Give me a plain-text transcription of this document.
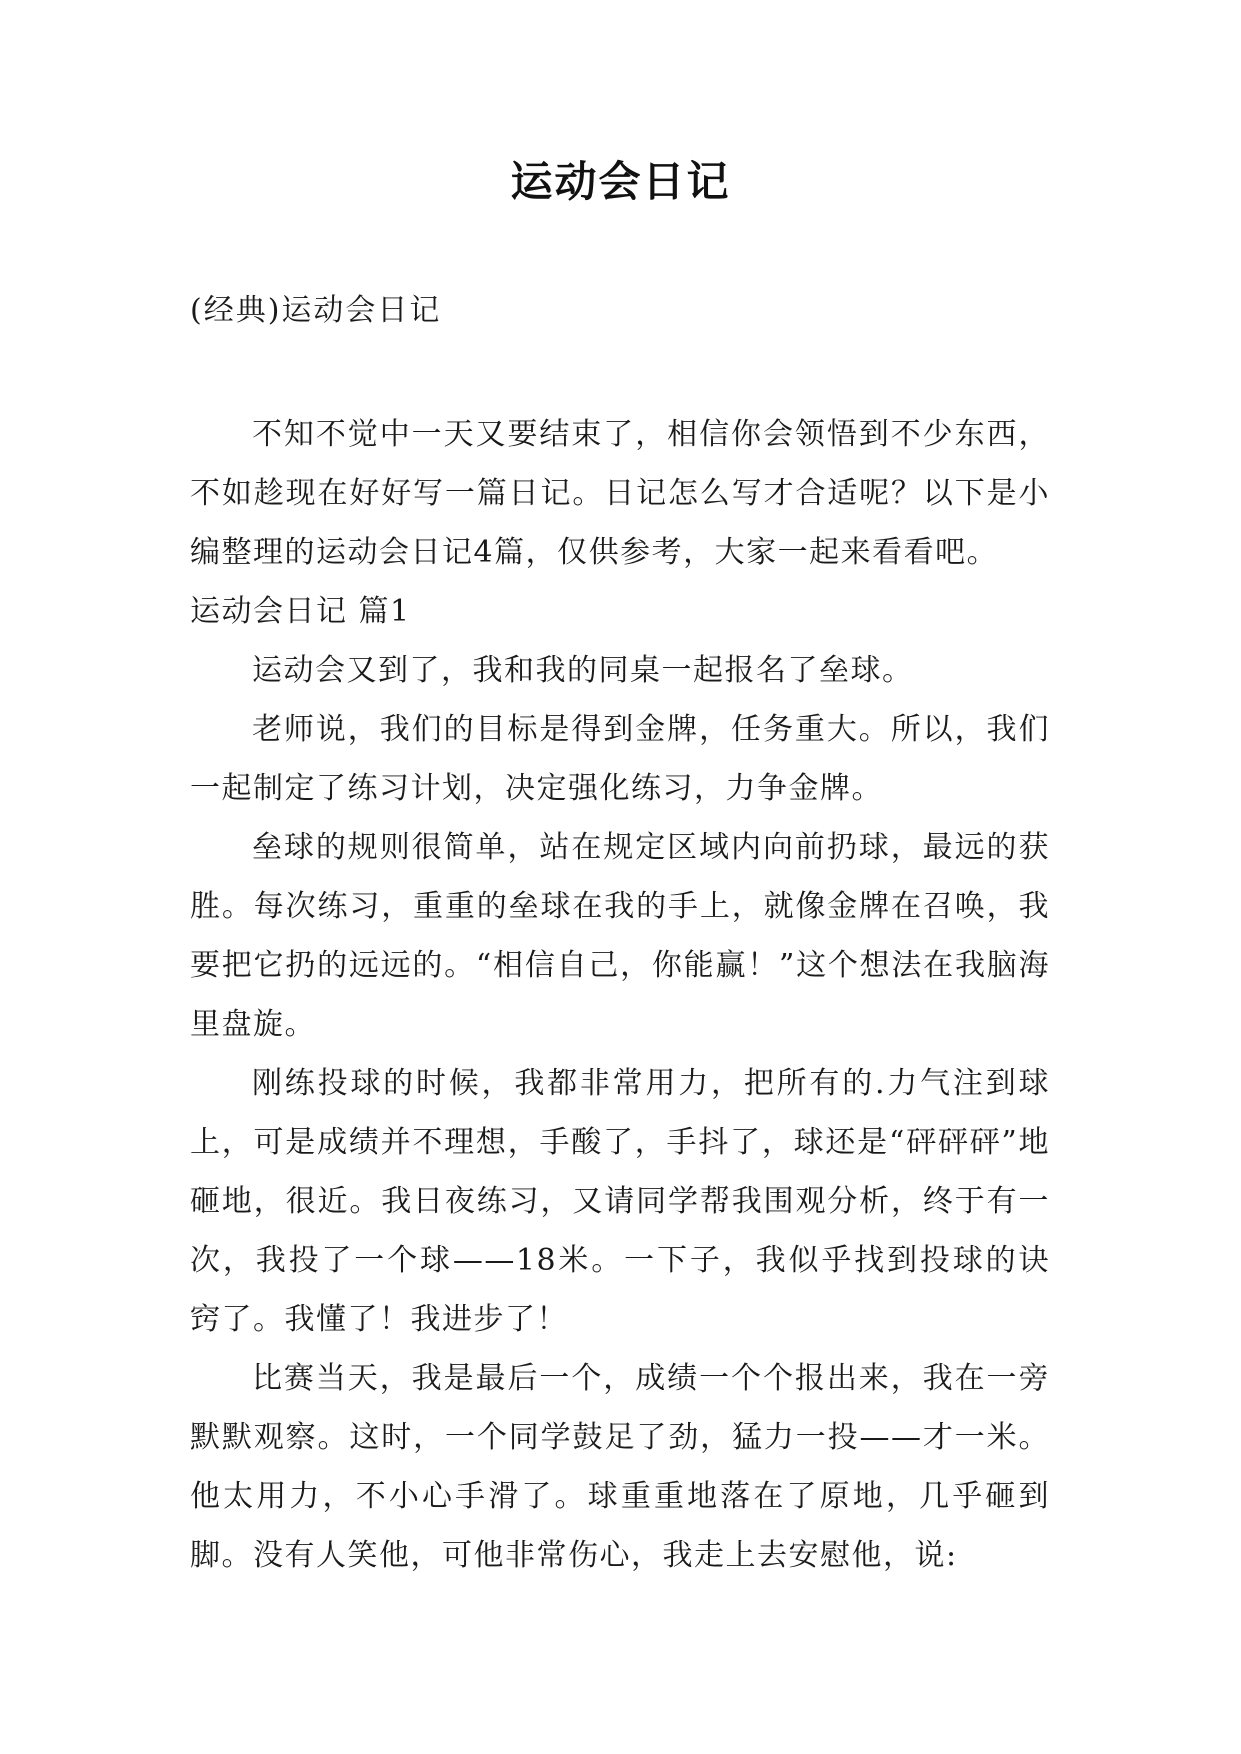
运动会日记
(经典)运动会日记

不知不觉中一天又要结束了，相信你会领悟到不少东西，不如趁现在好好写一篇日记。日记怎么写才合适呢？以下是小编整理的运动会日记4篇，仅供参考，大家一起来看看吧。

运动会日记 篇1

运动会又到了，我和我的同桌一起报名了垒球。

老师说，我们的目标是得到金牌，任务重大。所以，我们一起制定了练习计划，决定强化练习，力争金牌。

垒球的规则很简单，站在规定区域内向前扔球，最远的获胜。每次练习，重重的垒球在我的手上，就像金牌在召唤，我要把它扔的远远的。“相信自己，你能赢！”这个想法在我脑海里盘旋。

刚练投球的时候，我都非常用力，把所有的.力气注到球上，可是成绩并不理想，手酸了，手抖了，球还是“砰砰砰”地砸地，很近。我日夜练习，又请同学帮我围观分析，终于有一次，我投了一个球——18米。一下子，我似乎找到投球的诀窍了。我懂了！我进步了！

比赛当天，我是最后一个，成绩一个个报出来，我在一旁默默观察。这时，一个同学鼓足了劲，猛力一投——才一米。他太用力，不小心手滑了。球重重地落在了原地，几乎砸到脚。没有人笑他，可他非常伤心，我走上去安慰他，说:
